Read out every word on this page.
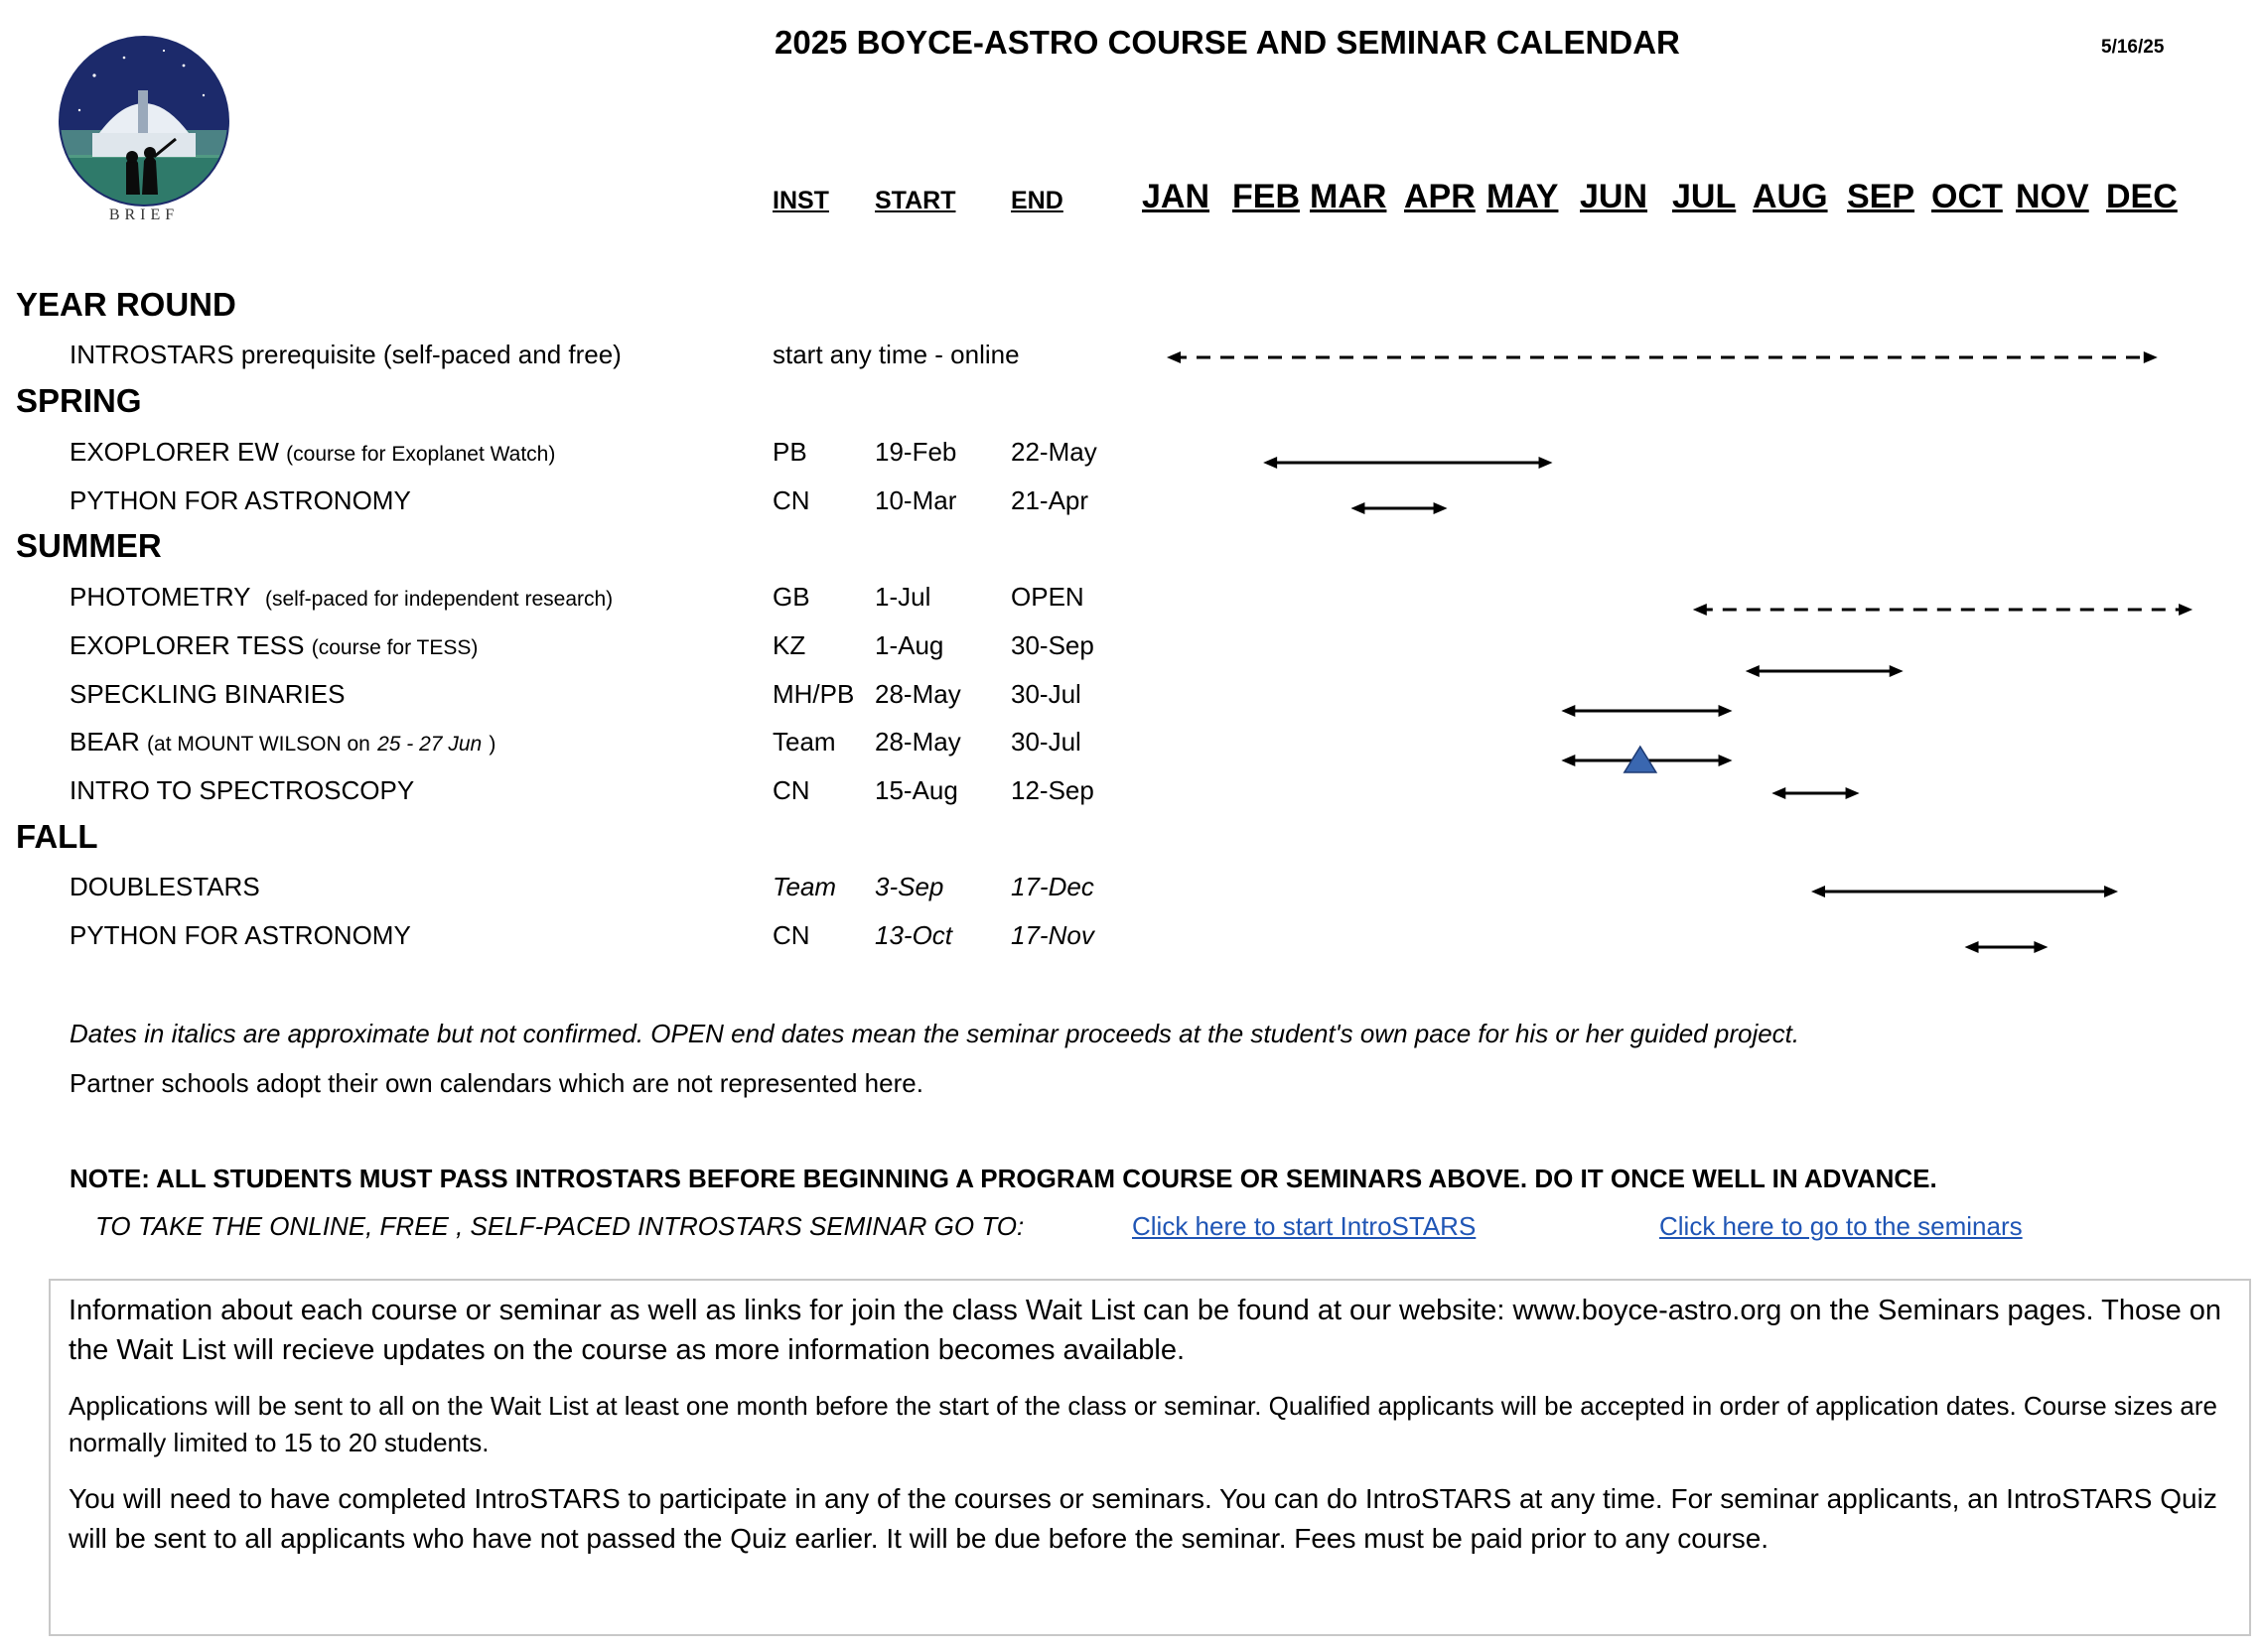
BRIEF
2025 BOYCE-ASTRO COURSE AND SEMINAR CALENDAR	5/16/25
INST START END JAN FEB MAR APR MAY JUN JUL AUG SEP OCT NOV DEC
YEAR ROUND
SPRING
SUMMER
FALL
INTROSTARS prerequisite (self-paced and free)	start any time - online
EXOPLORER EW (course for Exoplanet Watch)	PB	19-Feb 22-May
PYTHON FOR ASTRONOMY	CN	10-Mar 21-Apr
PHOTOMETRY (self-paced for independent research)	GB	1-Jul	OPEN
EXOPLORER TESS (course for TESS)	KZ	1-Aug	30-Sep
SPECKLING BINARIES	MH/PB 28-May 30-Jul
BEAR (at MOUNT WILSON on 25 - 27 Jun )	Team 28-May 30-Jul
INTRO TO SPECTROSCOPY	CN	15-Aug 12-Sep
DOUBLESTARS	Team 3-Sep	17-Dec
PYTHON FOR ASTRONOMY	CN	13-Oct 17-Nov
Dates in italics are approximate but not confirmed. OPEN end dates mean the seminar proceeds at the student's own pace for his or her guided project.
Partner schools adopt their own calendars which are not represented here.
NOTE: ALL STUDENTS MUST PASS INTROSTARS BEFORE BEGINNING A PROGRAM COURSE OR SEMINARS ABOVE. DO IT ONCE WELL IN ADVANCE.
TO TAKE THE ONLINE, FREE , SELF-PACED INTROSTARS SEMINAR GO TO:	Click here to start IntroSTARS	Click here to go to the seminars

Information about each course or seminar as well as links for join the class Wait List can be found at our website: www.boyce-astro.org on the Seminars pages. Those on the Wait List will recieve updates on the course as more information becomes available.

Applications will be sent to all on the Wait List at least one month before the start of the class or seminar. Qualified applicants will be accepted in order of application dates. Course sizes are normally limited to 15 to 20 students.

You will need to have completed IntroSTARS to participate in any of the courses or seminars. You can do IntroSTARS at any time. For seminar applicants, an IntroSTARS Quiz will be sent to all applicants who have not passed the Quiz earlier. It will be due before the seminar. Fees must be paid prior to any course.
